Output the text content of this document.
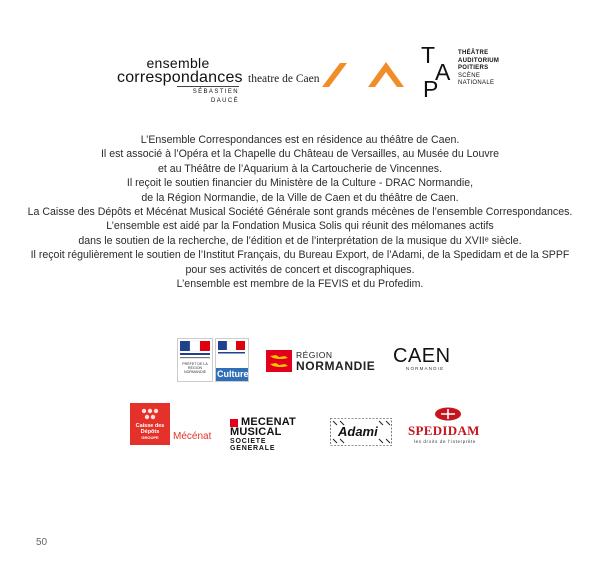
ensemble
correspondances
SÉBASTIEN DAUCÉ
theatre de Caen
T
A
P
THÉÂTRE
AUDITORIUM
POITIERS
SCÈNE
NATIONALE
L’Ensemble Correspondances est en résidence au théâtre de Caen.
Il est associé à l’Opéra et la Chapelle du Château de Versailles, au Musée du Louvre
et au Théâtre de l’Aquarium à la Cartoucherie de Vincennes.
Il reçoit le soutien financier du Ministère de la Culture - DRAC Normandie,
de la Région Normandie, de la Ville de Caen et du théâtre de Caen.
La Caisse des Dépôts et Mécénat Musical Société Générale sont grands mécènes de l’ensemble Correspondances.
L’ensemble est aidé par la Fondation Musica Solis qui réunit des mélomanes actifs
dans le soutien de la recherche, de l’édition et de l’interprétation de la musique du XVIIᵉ siècle.
Il reçoit régulièrement le soutien de l’Institut Français, du Bureau Export, de l’Adami, de la Spedidam et de la SPPF
pour ses activités de concert et discographiques.
L’ensemble est membre de la FEVIS et du Profedim.
PRÉFET DE LA RÉGION NORMANDIE	Culture
RÉGION
NORMANDIE CAEN
NORMANDIE
Caisse des Dépôts
GROUPE	Mécénat
MECENAT
MUSICAL
SOCIETE GENERALE
Adami SPEDIDAM
les droits de l'interprète
50
